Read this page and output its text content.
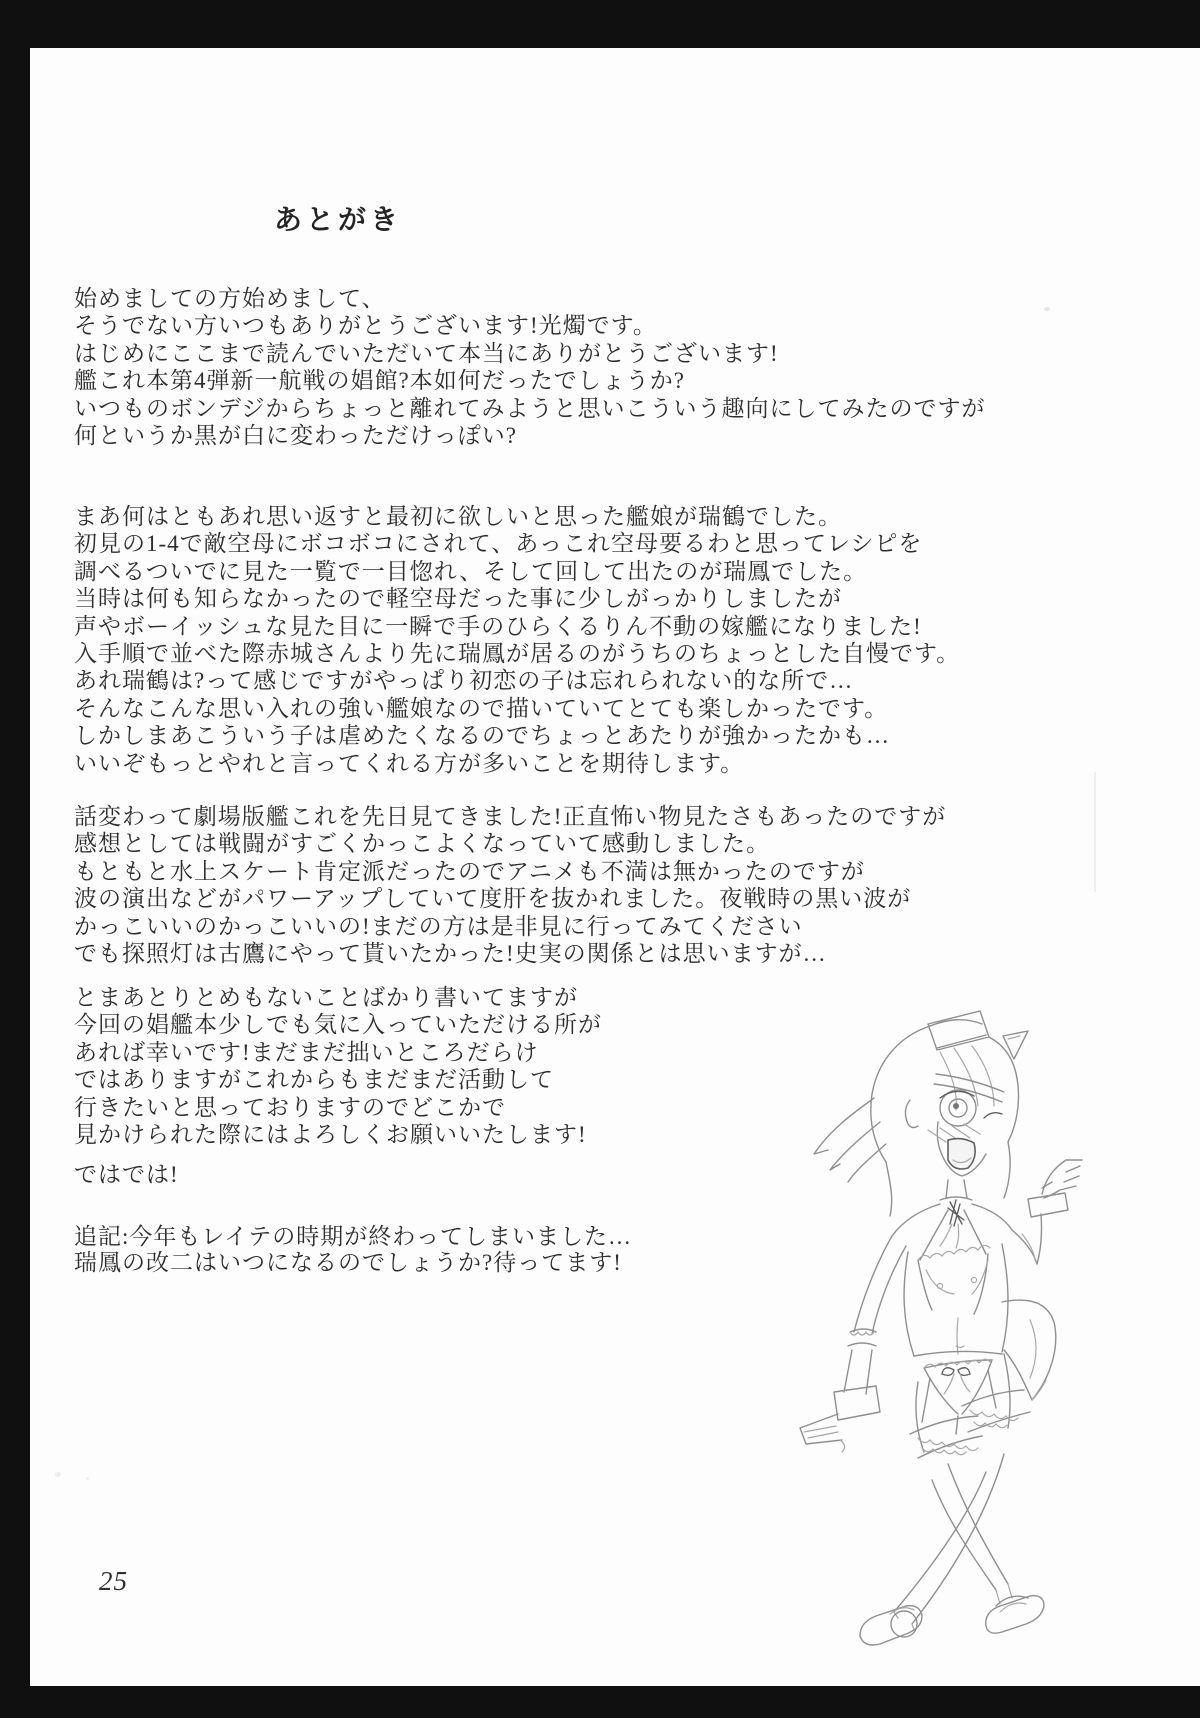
あとがき
始めましての方始めまして、
そうでない方いつもありがとうございます!光燭です。
はじめにここまで読んでいただいて本当にありがとうございます!
艦これ本第4弾新一航戦の娼館?本如何だったでしょうか?
いつものボンデジからちょっと離れてみようと思いこういう趣向にしてみたのですが
何というか黒が白に変わっただけっぽい?
まあ何はともあれ思い返すと最初に欲しいと思った艦娘が瑞鶴でした。
初見の1-4で敵空母にボコボコにされて、あっこれ空母要るわと思ってレシピを
調べるついでに見た一覧で一目惚れ、そして回して出たのが瑞鳳でした。
当時は何も知らなかったので軽空母だった事に少しがっかりしましたが
声やボーイッシュな見た目に一瞬で手のひらくるりん不動の嫁艦になりました!
入手順で並べた際赤城さんより先に瑞鳳が居るのがうちのちょっとした自慢です。
あれ瑞鶴は?って感じですがやっぱり初恋の子は忘れられない的な所で…
そんなこんな思い入れの強い艦娘なので描いていてとても楽しかったです。
しかしまあこういう子は虐めたくなるのでちょっとあたりが強かったかも…
いいぞもっとやれと言ってくれる方が多いことを期待します。
話変わって劇場版艦これを先日見てきました!正直怖い物見たさもあったのですが
感想としては戦闘がすごくかっこよくなっていて感動しました。
もともと水上スケート肯定派だったのでアニメも不満は無かったのですが
波の演出などがパワーアップしていて度肝を抜かれました。夜戦時の黒い波が
かっこいいのかっこいいの!まだの方は是非見に行ってみてください
でも探照灯は古鷹にやって貰いたかった!史実の関係とは思いますが…
とまあとりとめもないことばかり書いてますが
今回の娼艦本少しでも気に入っていただける所が
あれば幸いです!まだまだ拙いところだらけ
ではありますがこれからもまだまだ活動して
行きたいと思っておりますのでどこかで
見かけられた際にはよろしくお願いいたします!
ではでは!
追記:今年もレイテの時期が終わってしまいました…
瑞鳳の改二はいつになるのでしょうか?待ってます!
25
